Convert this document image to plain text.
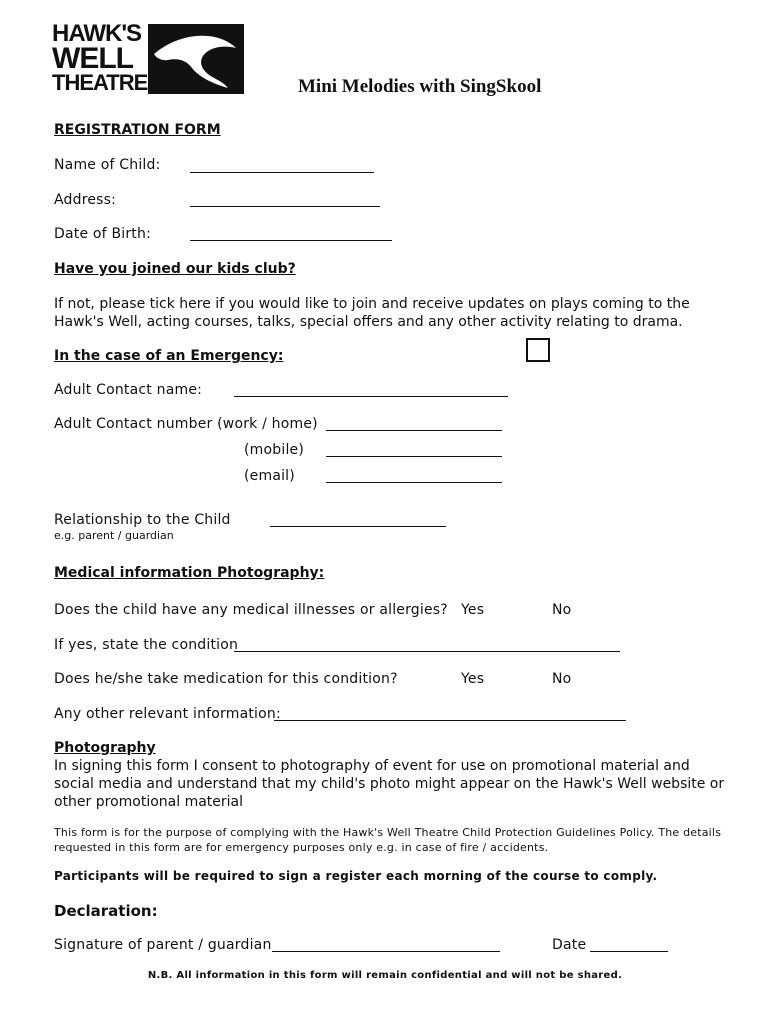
HAWK'S
WELL
THEATRE	Mini Melodies with SingSkool
REGISTRATION FORM
Name of Child:
Address:
Date of Birth:
Have you joined our kids club?
If not, please tick here if you would like to join and receive updates on plays coming to the Hawk's Well, acting courses, talks, special offers and any other activity relating to drama.
In the case of an Emergency:
Adult Contact name:
Adult Contact number (work / home)
(mobile)
(email)
Relationship to the Child
e.g. parent / guardian
Medical information Photography:
Does the child have any medical illnesses or allergies? Yes	No
If yes, state the condition
Does he/she take medication for this condition?	Yes	No
Any other relevant information:
Photography
In signing this form I consent to photography of event for use on promotional material and social media and understand that my child's photo might appear on the Hawk's Well website or other promotional material
This form is for the purpose of complying with the Hawk's Well Theatre Child Protection Guidelines Policy. The details requested in this form are for emergency purposes only e.g. in case of fire / accidents.
Participants will be required to sign a register each morning of the course to comply.
Declaration:
Signature of parent / guardian	Date
N.B. All information in this form will remain confidential and will not be shared.
